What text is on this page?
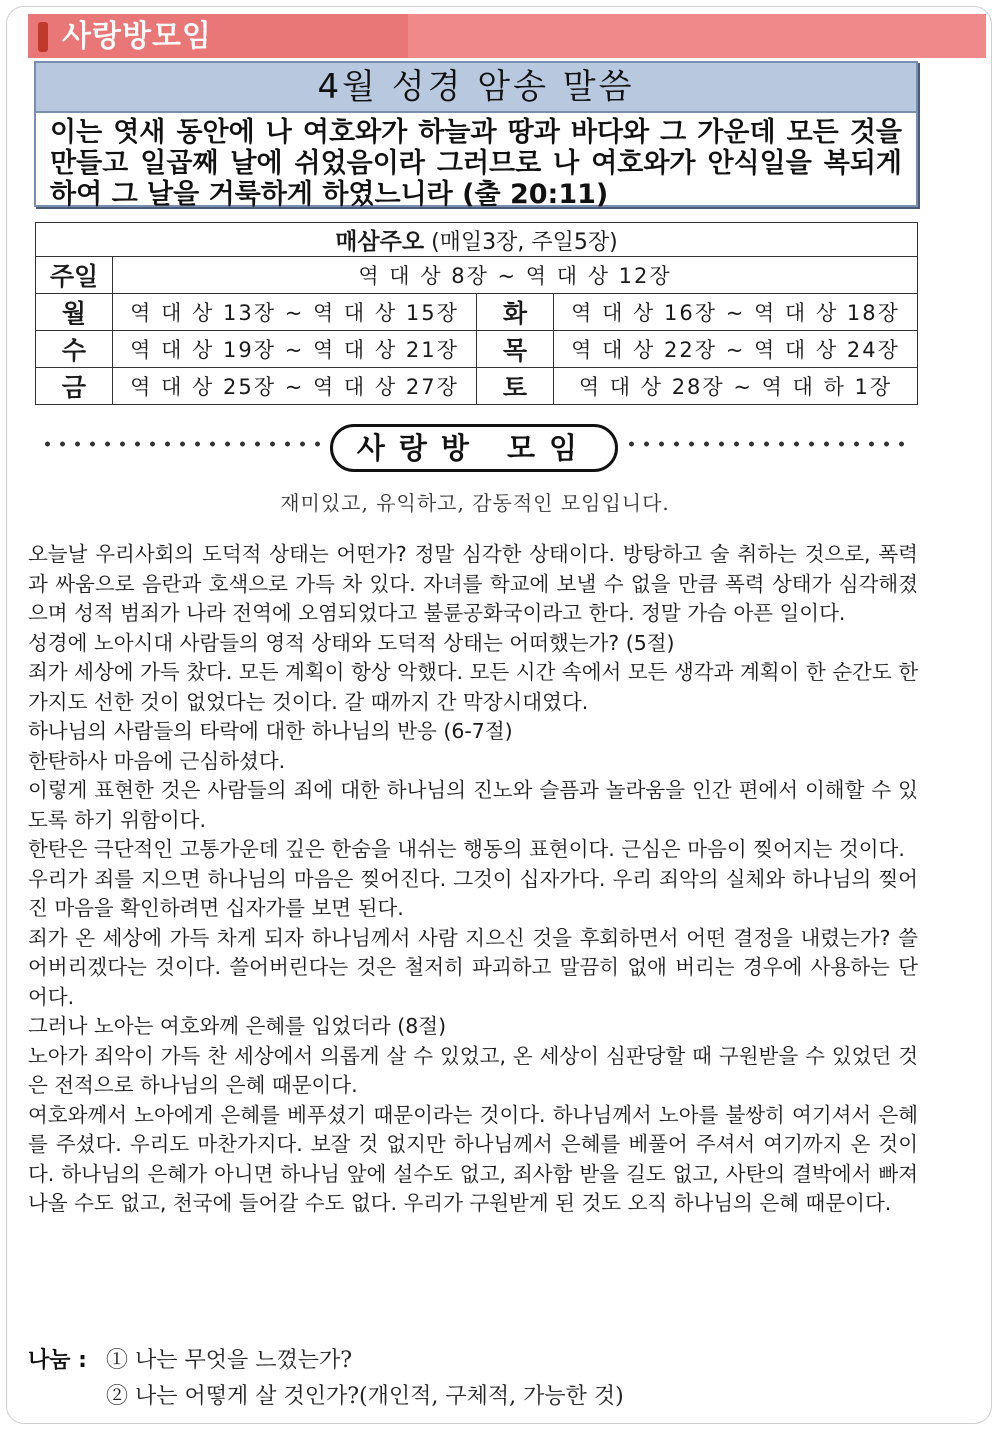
사랑방모임
4월 성경 암송 말씀
이는 엿새 동안에 나 여호와가 하늘과 땅과 바다와 그 가운데 모든 것을 만들고 일곱째 날에 쉬었음이라 그러므로 나 여호와가 안식일을 복되게 하여 그 날을 거룩하게 하였느니라 (출 20:11)
매삼주오 (매일3장, 주일5장)			
주일	역 대 상 8장 ~ 역 대 상 12장		
월	역 대 상 13장 ~ 역 대 상 15장	화	역 대 상 16장 ~ 역 대 상 18장
수	역 대 상 19장 ~ 역 대 상 21장	목	역 대 상 22장 ~ 역 대 상 24장
금	역 대 상 25장 ~ 역 대 상 27장	토	역 대 상 28장 ~ 역 대 하 1장
사랑방 모임
재미있고, 유익하고, 감동적인 모임입니다.

오늘날 우리사회의 도덕적 상태는 어떤가? 정말 심각한 상태이다. 방탕하고 술 취하는 것으로, 폭력과 싸움으로 음란과 호색으로 가득 차 있다. 자녀를 학교에 보낼 수 없을 만큼 폭력 상태가 심각해졌으며 성적 범죄가 나라 전역에 오염되었다고 불륜공화국이라고 한다. 정말 가슴 아픈 일이다.

성경에 노아시대 사람들의 영적 상태와 도덕적 상태는 어떠했는가? (5절)

죄가 세상에 가득 찼다. 모든 계획이 항상 악했다. 모든 시간 속에서 모든 생각과 계획이 한 순간도 한 가지도 선한 것이 없었다는 것이다. 갈 때까지 간 막장시대였다.

하나님의 사람들의 타락에 대한 하나님의 반응 (6-7절)

한탄하사 마음에 근심하셨다.

이렇게 표현한 것은 사람들의 죄에 대한 하나님의 진노와 슬픔과 놀라움을 인간 편에서 이해할 수 있도록 하기 위함이다.

한탄은 극단적인 고통가운데 깊은 한숨을 내쉬는 행동의 표현이다. 근심은 마음이 찢어지는 것이다.

우리가 죄를 지으면 하나님의 마음은 찢어진다. 그것이 십자가다. 우리 죄악의 실체와 하나님의 찢어진 마음을 확인하려면 십자가를 보면 된다.

죄가 온 세상에 가득 차게 되자 하나님께서 사람 지으신 것을 후회하면서 어떤 결정을 내렸는가? 쓸어버리겠다는 것이다. 쓸어버린다는 것은 철저히 파괴하고 말끔히 없애 버리는 경우에 사용하는 단어다.

그러나 노아는 여호와께 은혜를 입었더라 (8절)

노아가 죄악이 가득 찬 세상에서 의롭게 살 수 있었고, 온 세상이 심판당할 때 구원받을 수 있었던 것은 전적으로 하나님의 은혜 때문이다.

여호와께서 노아에게 은혜를 베푸셨기 때문이라는 것이다. 하나님께서 노아를 불쌍히 여기셔서 은혜를 주셨다. 우리도 마찬가지다. 보잘 것 없지만 하나님께서 은혜를 베풀어 주셔서 여기까지 온 것이다. 하나님의 은혜가 아니면 하나님 앞에 설수도 없고, 죄사함 받을 길도 없고, 사탄의 결박에서 빠져나올 수도 없고, 천국에 들어갈 수도 없다. 우리가 구원받게 된 것도 오직 하나님의 은혜 때문이다.

나눔 : ① 나는 무엇을 느꼈는가?
② 나는 어떻게 살 것인가?(개인적, 구체적, 가능한 것)
